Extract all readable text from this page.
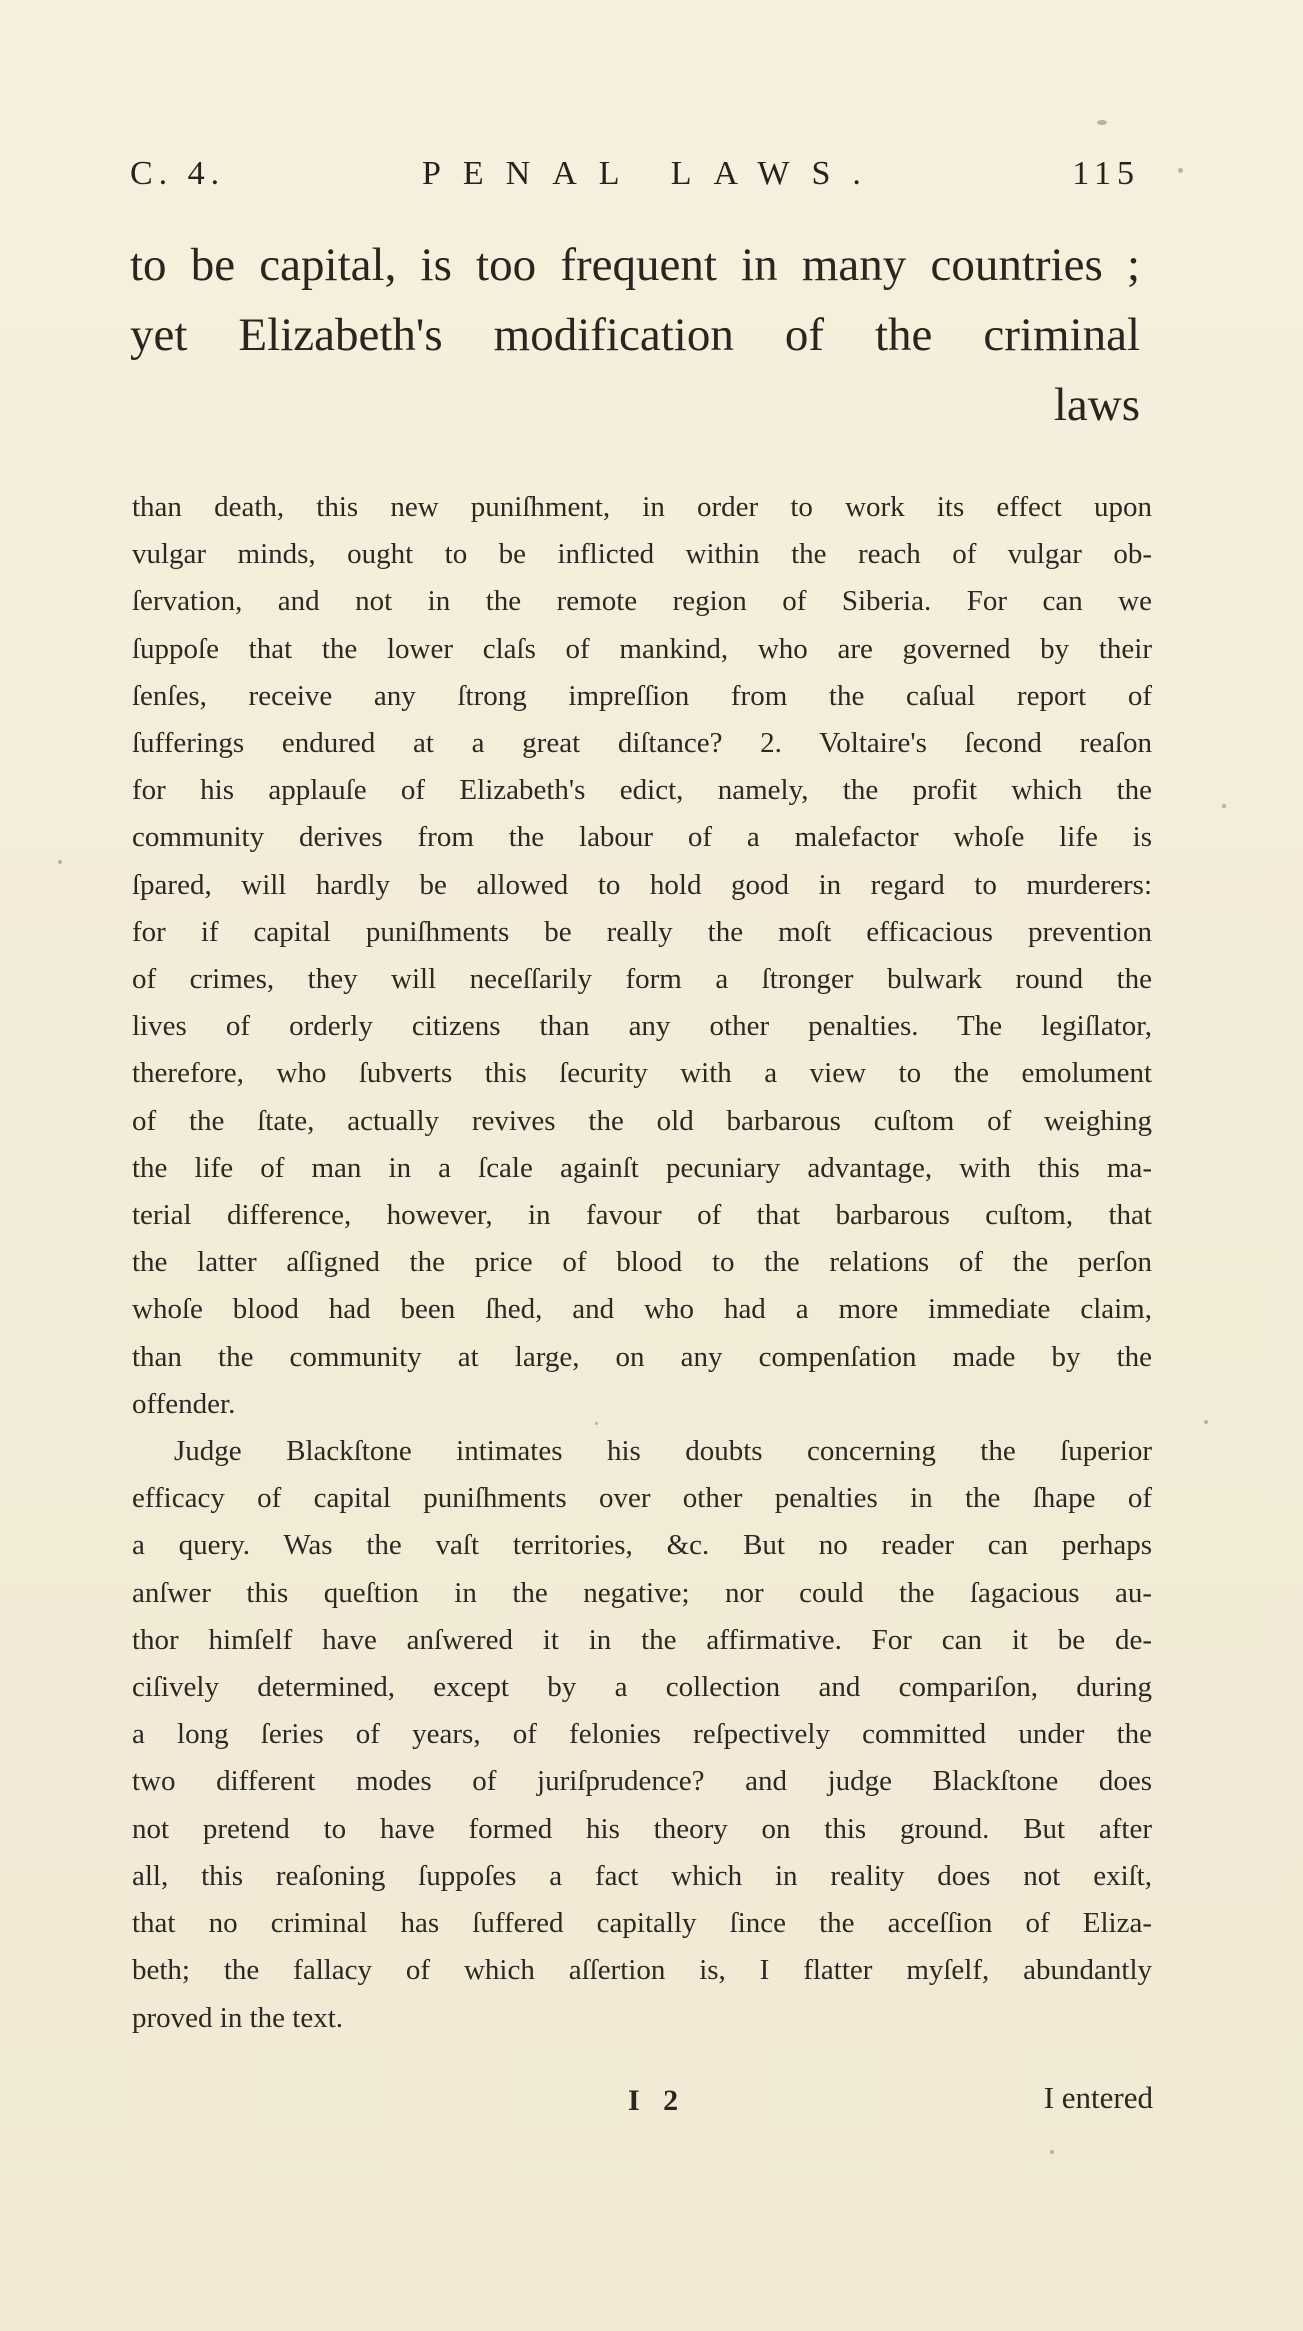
C. 4.	PENAL LAWS.	115
to be capital, is too frequent in many countries ;
yet Elizabeth's modification of the criminal
laws
than death, this new puniſhment, in order to work its effect upon
vulgar minds, ought to be inflicted within the reach of vulgar ob-
ſervation, and not in the remote region of Siberia. For can we
ſuppoſe that the lower claſs of mankind, who are governed by their
ſenſes, receive any ſtrong impreſſion from the caſual report of
ſufferings endured at a great diſtance? 2. Voltaire's ſecond reaſon
for his applauſe of Elizabeth's edict, namely, the profit which the
community derives from the labour of a malefactor whoſe life is
ſpared, will hardly be allowed to hold good in regard to murderers:
for if capital puniſhments be really the moſt efficacious prevention
of crimes, they will neceſſarily form a ſtronger bulwark round the
lives of orderly citizens than any other penalties. The legiſlator,
therefore, who ſubverts this ſecurity with a view to the emolument
of the ſtate, actually revives the old barbarous cuſtom of weighing
the life of man in a ſcale againſt pecuniary advantage, with this ma-
terial difference, however, in favour of that barbarous cuſtom, that
the latter aſſigned the price of blood to the relations of the perſon
whoſe blood had been ſhed, and who had a more immediate claim,
than the community at large, on any compenſation made by the
offender.
Judge Blackſtone intimates his doubts concerning the ſuperior
efficacy of capital puniſhments over other penalties in the ſhape of
a query. Was the vaſt territories, &c. But no reader can perhaps
anſwer this queſtion in the negative; nor could the ſagacious au-
thor himſelf have anſwered it in the affirmative. For can it be de-
ciſively determined, except by a collection and compariſon, during
a long ſeries of years, of felonies reſpectively committed under the
two different modes of juriſprudence? and judge Blackſtone does
not pretend to have formed his theory on this ground. But after
all, this reaſoning ſuppoſes a fact which in reality does not exiſt,
that no criminal has ſuffered capitally ſince the acceſſion of Eliza-
beth; the fallacy of which aſſertion is, I flatter myſelf, abundantly
proved in the text.
I 2	I entered
